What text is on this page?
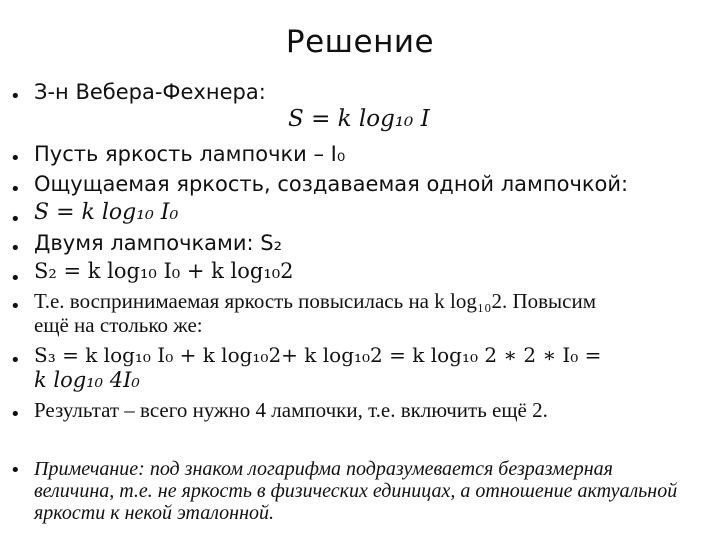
Решение
•
•
•
•
•
•
•
•
•
•
З-н Вебера-Фехнера:
S = k log₁₀ I
Пусть яркость лампочки – I₀
Ощущаемая яркость, создаваемая одной лампочкой:
S = k log₁₀ I₀
Двумя лампочками: S₂
S₂ = k log₁₀ I₀ + k log₁₀2
Т.е. воспринимаемая яркость повысилась на k log₁₀2. Повысим
ещё на столько же:
S₃ = k log₁₀ I₀ + k log₁₀2+ k log₁₀2 = k log₁₀ 2 ∗ 2 ∗ I₀ =
k log₁₀ 4I₀
Результат – всего нужно 4 лампочки, т.е. включить ещё 2.
Примечание: под знаком логарифма подразумевается безразмерная величина, т.е. не яркость в физических единицах, а отношение актуальной яркости к некой эталонной.
